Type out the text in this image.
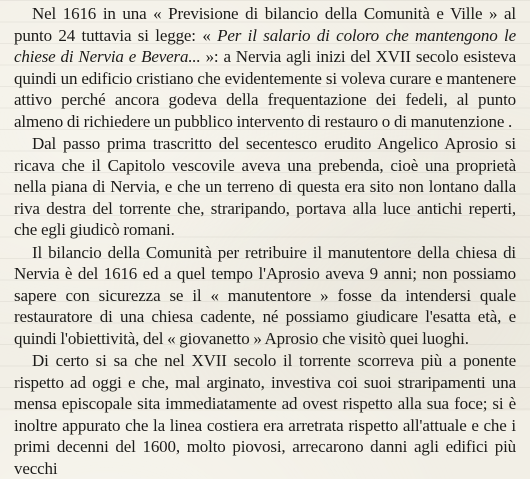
Nel 1616 in una « Previsione di bilancio della Comunità e Ville » al punto 24 tuttavia si legge: « Per il salario di coloro che mantengono le chiese di Nervia e Bevera... »: a Nervia agli inizi del XVII secolo esisteva quindi un edificio cristiano che evidentemente si voleva curare e mantenere attivo perché ancora godeva della frequentazione dei fedeli, al punto almeno di richiedere un pubblico intervento di restauro o di manutenzione .

Dal passo prima trascritto del secentesco erudito Angelico Aprosio si ricava che il Capitolo vescovile aveva una prebenda, cioè una proprietà nella piana di Nervia, e che un terreno di questa era sito non lontano dalla riva destra del torrente che, straripando, portava alla luce antichi reperti, che egli giudicò romani.

Il bilancio della Comunità per retribuire il manutentore della chiesa di Nervia è del 1616 ed a quel tempo l'Aprosio aveva 9 anni; non possiamo sapere con sicurezza se il « manutentore » fosse da intendersi quale restauratore di una chiesa cadente, né possiamo giudicare l'esatta età, e quindi l'obiettività, del « giovanetto » Aprosio che visitò quei luoghi.

Di certo si sa che nel XVII secolo il torrente scorreva più a ponente rispetto ad oggi e che, mal arginato, investiva coi suoi straripamenti una mensa episcopale sita immediatamente ad ovest rispetto alla sua foce; si è inoltre appurato che la linea costiera era arretrata rispetto all'attuale e che i primi decenni del 1600, molto piovosi, arrecarono danni agli edifici più vecchi
